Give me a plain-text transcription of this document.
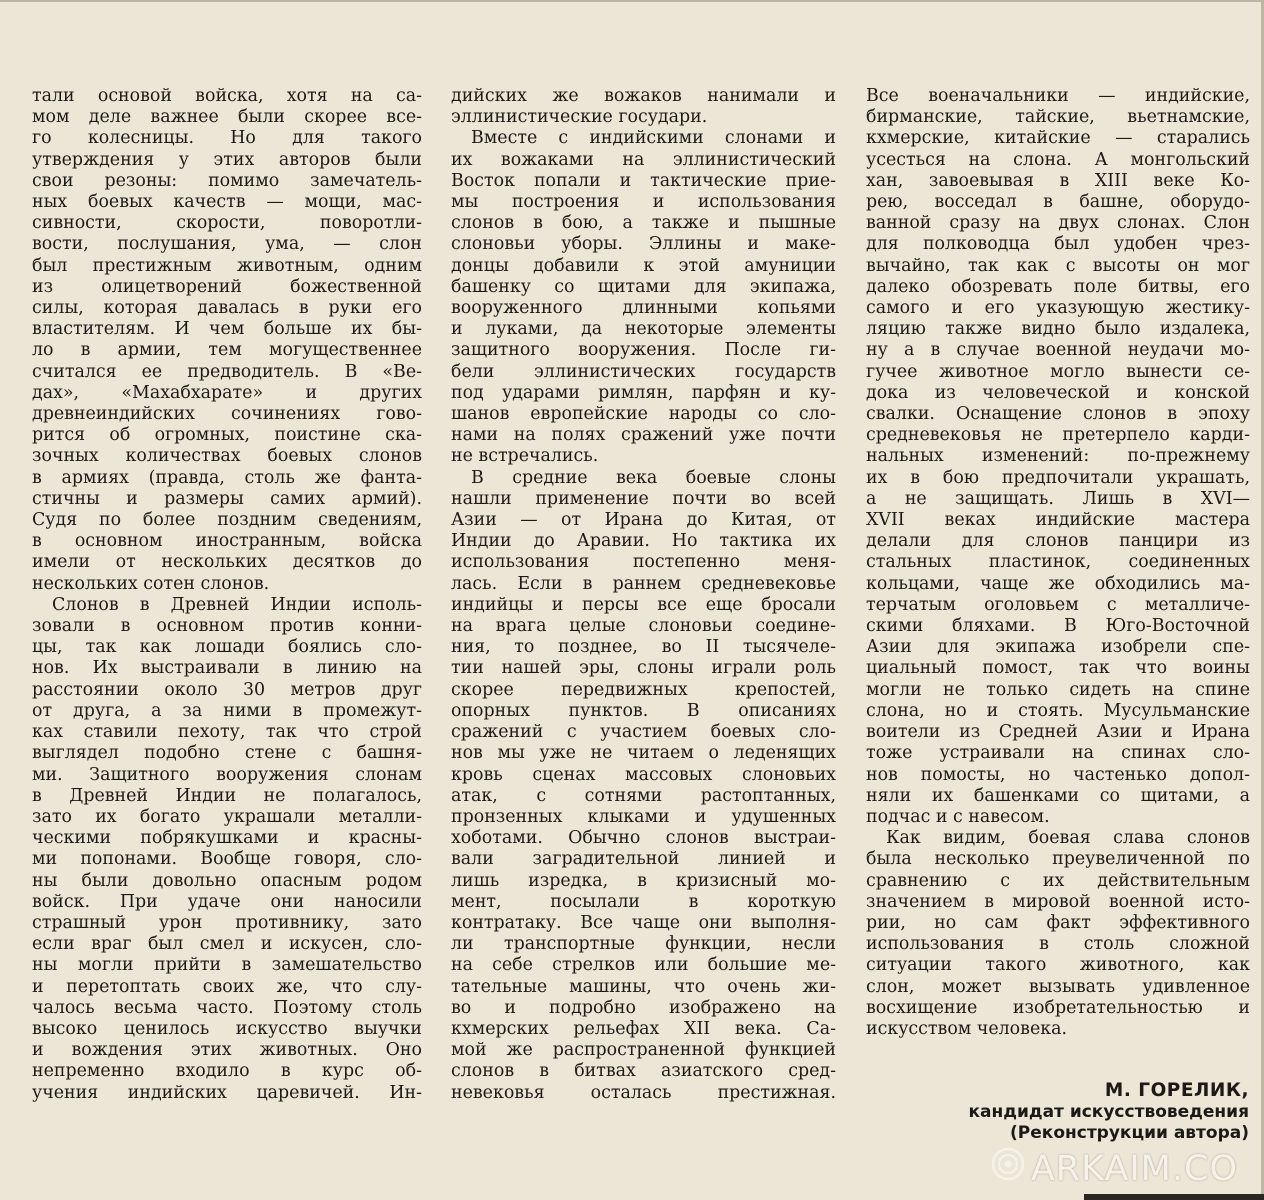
тали основой войска, хотя на са-

мом деле важнее были скорее все-

го колесницы. Но для такого

утверждения у этих авторов были

свои резоны: помимо замечатель-

ных боевых качеств — мощи, мас-

сивности, скорости, поворотли-

вости, послушания, ума, — слон

был престижным животным, одним

из олицетворений божественной

силы, которая давалась в руки его

властителям. И чем больше их бы-

ло в армии, тем могущественнее

считался ее предводитель. В «Ве-

дах», «Махабхарате» и других

древнеиндийских сочинениях гово-

рится об огромных, поистине ска-

зочных количествах боевых слонов

в армиях (правда, столь же фанта-

стичны и размеры самих армий).

Судя по более поздним сведениям,

в основном иностранным, войска

имели от нескольких десятков до

нескольких сотен слонов.

Слонов в Древней Индии исполь-

зовали в основном против конни-

цы, так как лошади боялись сло-

нов. Их выстраивали в линию на

расстоянии около 30 метров друг

от друга, а за ними в промежут-

ках ставили пехоту, так что строй

выглядел подобно стене с башня-

ми. Защитного вооружения слонам

в Древней Индии не полагалось,

зато их богато украшали металли-

ческими побрякушками и красны-

ми попонами. Вообще говоря, сло-

ны были довольно опасным родом

войск. При удаче они наносили

страшный урон противнику, зато

если враг был смел и искусен, сло-

ны могли прийти в замешательство

и перетоптать своих же, что слу-

чалось весьма часто. Поэтому столь

высоко ценилось искусство выучки

и вождения этих животных. Оно

непременно входило в курс об-

учения индийских царевичей. Ин-

дийских же вожаков нанимали и

эллинистические государи.

Вместе с индийскими слонами и

их вожаками на эллинистический

Восток попали и тактические прие-

мы построения и использования

слонов в бою, а также и пышные

слоновьи уборы. Эллины и маке-

донцы добавили к этой амуниции

башенку со щитами для экипажа,

вооруженного длинными копьями

и луками, да некоторые элементы

защитного вооружения. После ги-

бели эллинистических государств

под ударами римлян, парфян и ку-

шанов европейские народы со сло-

нами на полях сражений уже почти

не встречались.

В средние века боевые слоны

нашли применение почти во всей

Азии — от Ирана до Китая, от

Индии до Аравии. Но тактика их

использования постепенно меня-

лась. Если в раннем средневековье

индийцы и персы все еще бросали

на врага целые слоновьи соедине-

ния, то позднее, во II тысячеле-

тии нашей эры, слоны играли роль

скорее передвижных крепостей,

опорных пунктов. В описаниях

сражений с участием боевых сло-

нов мы уже не читаем о леденящих

кровь сценах массовых слоновьих

атак, с сотнями растоптанных,

пронзенных клыками и удушенных

хоботами. Обычно слонов выстраи-

вали заградительной линией и

лишь изредка, в кризисный мо-

мент, посылали в короткую

контратаку. Все чаще они выполня-

ли транспортные функции, несли

на себе стрелков или большие ме-

тательные машины, что очень жи-

во и подробно изображено на

кхмерских рельефах XII века. Са-

мой же распространенной функцией

слонов в битвах азиатского сред-

невековья осталась престижная.

Все военачальники — индийские,

бирманские, тайские, вьетнамские,

кхмерские, китайские — старались

усесться на слона. А монгольский

хан, завоевывая в XIII веке Ко-

рею, восседал в башне, оборудо-

ванной сразу на двух слонах. Слон

для полководца был удобен чрез-

вычайно, так как с высоты он мог

далеко обозревать поле битвы, его

самого и его указующую жестику-

ляцию также видно было издалека,

ну а в случае военной неудачи мо-

гучее животное могло вынести се-

дока из человеческой и конской

свалки. Оснащение слонов в эпоху

средневековья не претерпело карди-

нальных изменений: по-прежнему

их в бою предпочитали украшать,

а не защищать. Лишь в XVI—

XVII веках индийские мастера

делали для слонов панцири из

стальных пластинок, соединенных

кольцами, чаще же обходились ма-

терчатым оголовьем с металличе-

скими бляхами. В Юго-Восточной

Азии для экипажа изобрели спе-

циальный помост, так что воины

могли не только сидеть на спине

слона, но и стоять. Мусульманские

воители из Средней Азии и Ирана

тоже устраивали на спинах сло-

нов помосты, но частенько допол-

няли их башенками со щитами, а

подчас и с навесом.

Как видим, боевая слава слонов

была несколько преувеличенной по

сравнению с их действительным

значением в мировой военной исто-

рии, но сам факт эффективного

использования в столь сложной

ситуации такого животного, как

слон, может вызывать удивленное

восхищение изобретательностью и

искусством человека.

М. ГОРЕЛИК,
кандидат искусствоведения
(Реконструкции автора)
ARKAIM.CO
